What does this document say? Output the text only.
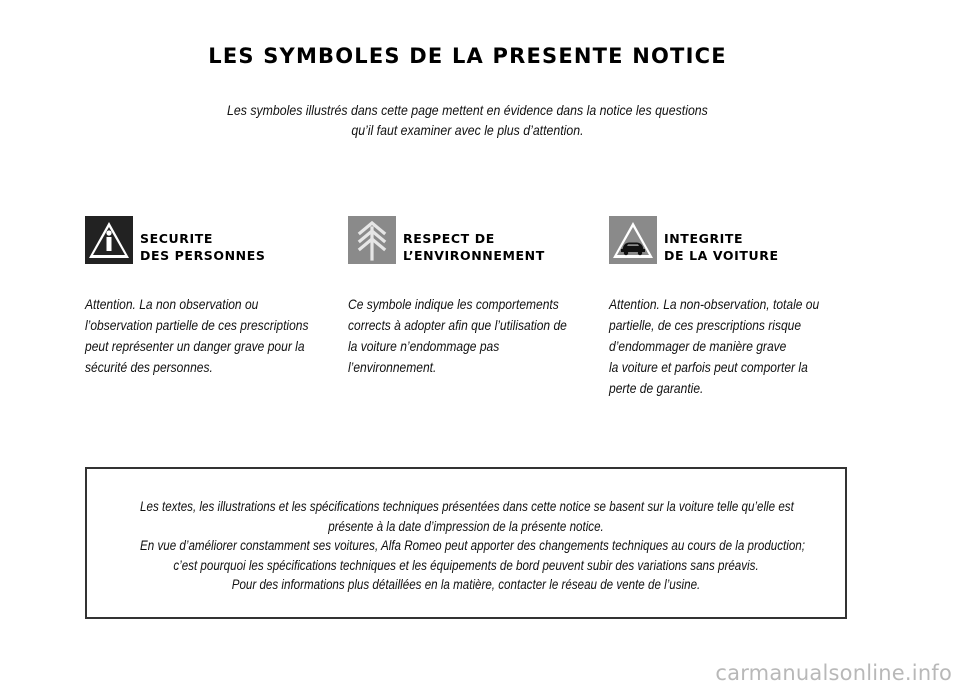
LES SYMBOLES DE LA PRESENTE NOTICE
Les symboles illustrés dans cette page mettent en évidence dans la notice les questions
qu’il faut examiner avec le plus d’attention.
SECURITE
DES PERSONNES
Attention. La non observation ou
l’observation partielle de ces prescriptions
peut représenter un danger grave pour la
sécurité des personnes.
RESPECT DE
L’ENVIRONNEMENT
Ce symbole indique les comportements
corrects à adopter afin que l’utilisation de
la voiture n’endommage pas
l’environnement.
INTEGRITE
DE LA VOITURE
Attention. La non-observation, totale ou
partielle, de ces prescriptions risque
d’endommager de manière grave
la voiture et parfois peut comporter la
perte de garantie.
Les textes, les illustrations et les spécifications techniques présentées dans cette notice se basent sur la voiture telle qu’elle est
présente à la date d’impression de la présente notice.
En vue d’améliorer constamment ses voitures, Alfa Romeo peut apporter des changements techniques au cours de la production;
c’est pourquoi les spécifications techniques et les équipements de bord peuvent subir des variations sans préavis.
Pour des informations plus détaillées en la matière, contacter le réseau de vente de l’usine.
carmanualsonline.info
